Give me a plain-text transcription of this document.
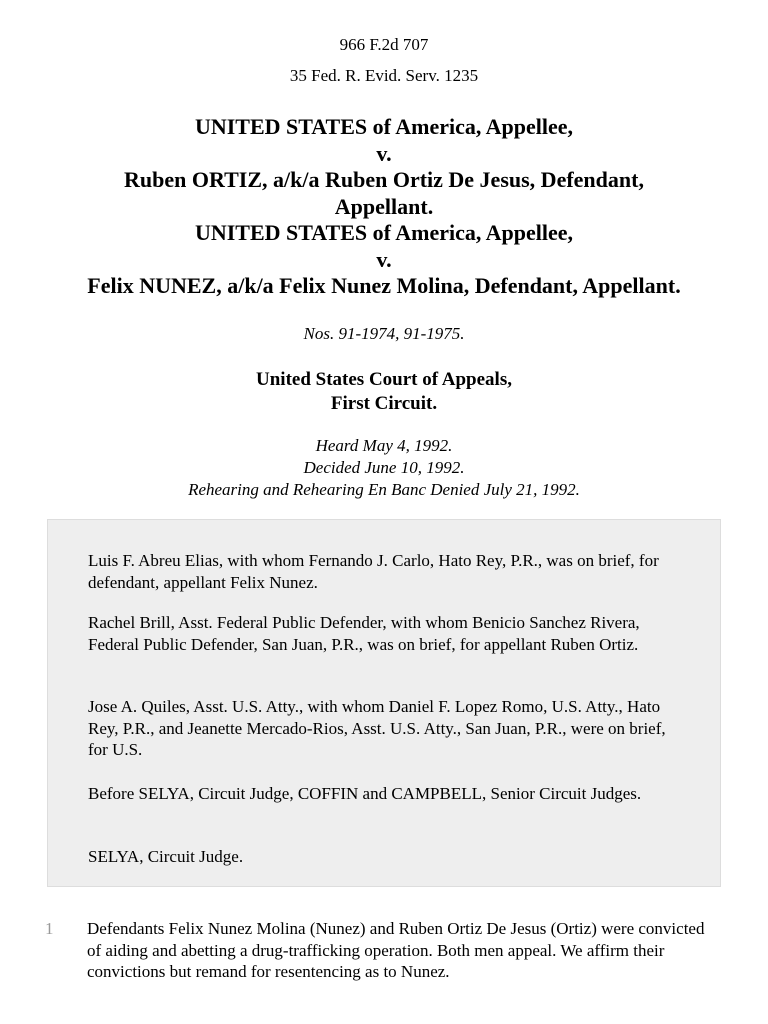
966 F.2d 707
35 Fed. R. Evid. Serv. 1235
UNITED STATES of America, Appellee,
v.
Ruben ORTIZ, a/k/a Ruben Ortiz De Jesus, Defendant,
Appellant.
UNITED STATES of America, Appellee,
v.
Felix NUNEZ, a/k/a Felix Nunez Molina, Defendant, Appellant.
Nos. 91-1974, 91-1975.
United States Court of Appeals,
First Circuit.
Heard May 4, 1992.
Decided June 10, 1992.
Rehearing and Rehearing En Banc Denied July 21, 1992.

Luis F. Abreu Elias, with whom Fernando J. Carlo, Hato Rey, P.R., was on brief, for defendant, appellant Felix Nunez.

Rachel Brill, Asst. Federal Public Defender, with whom Benicio Sanchez Rivera, Federal Public Defender, San Juan, P.R., was on brief, for appellant Ruben Ortiz.

Jose A. Quiles, Asst. U.S. Atty., with whom Daniel F. Lopez Romo, U.S. Atty., Hato Rey, P.R., and Jeanette Mercado-Rios, Asst. U.S. Atty., San Juan, P.R., were on brief, for U.S.

Before SELYA, Circuit Judge, COFFIN and CAMPBELL, Senior Circuit Judges.

SELYA, Circuit Judge.

1 Defendants Felix Nunez Molina (Nunez) and Ruben Ortiz De Jesus (Ortiz) were convicted of aiding and abetting a drug-trafficking operation. Both men appeal. We affirm their convictions but remand for resentencing as to Nunez.
